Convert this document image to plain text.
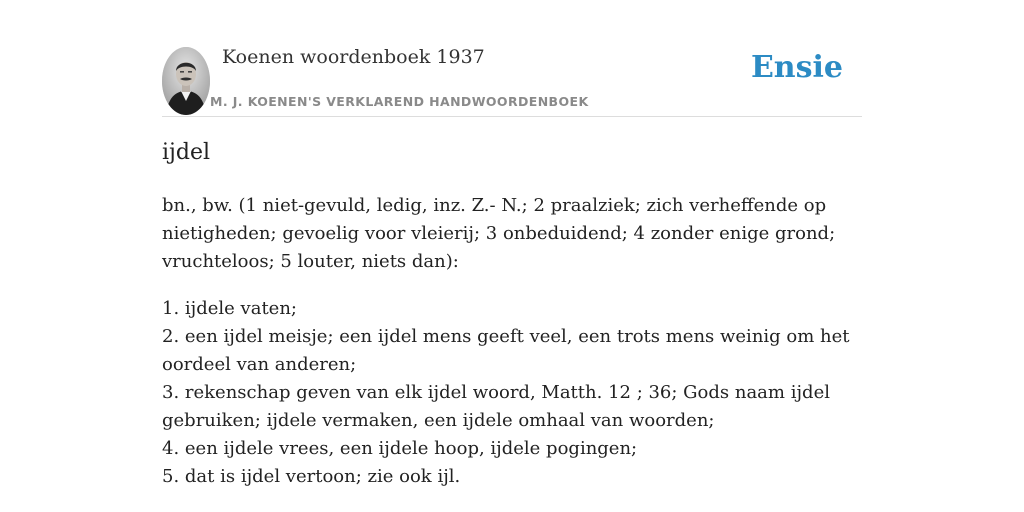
Koenen woordenboek 1937
M. J. KOENEN'S VERKLAREND HANDWOORDENBOEK
Ensie
ijdel
bn., bw. (1 niet-gevuld, ledig, inz. Z.- N.; 2 praalziek; zich verheffende op nietigheden; gevoelig voor vleierij; 3 onbeduidend; 4 zonder enige grond; vruchteloos; 5 louter, niets dan):
1. ijdele vaten;
2. een ijdel meisje; een ijdel mens geeft veel, een trots mens weinig om het oordeel van anderen;
3. rekenschap geven van elk ijdel woord, Matth. 12 ; 36; Gods naam ijdel gebruiken; ijdele vermaken, een ijdele omhaal van woorden;
4. een ijdele vrees, een ijdele hoop, ijdele pogingen;
5. dat is ijdel vertoon; zie ook ijl.
